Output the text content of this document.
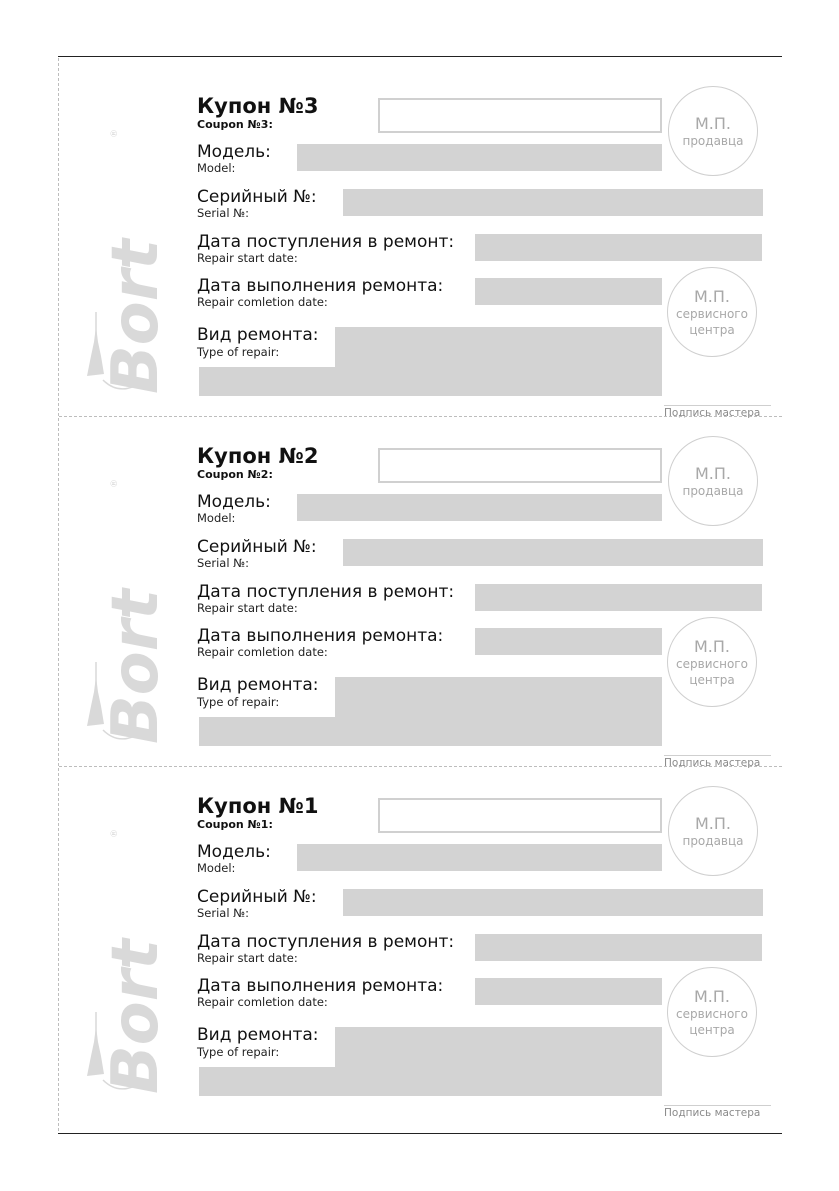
Bort
®
Купон №3
Coupon №3:
Модель:
Model:
Серийный №:
Serial №:
Дата поступления в ремонт:
Repair start date:
Дата выполнения ремонта:
Repair comletion date:
Вид ремонта:
Type of repair:
М.П.
продавца
М.П.
сервисного
центра
Подпись мастера
Bort
®
Купон №2
Coupon №2:
Модель:
Model:
Серийный №:
Serial №:
Дата поступления в ремонт:
Repair start date:
Дата выполнения ремонта:
Repair comletion date:
Вид ремонта:
Type of repair:
М.П.
продавца
М.П.
сервисного
центра
Подпись мастера
Bort
®
Купон №1
Coupon №1:
Модель:
Model:
Серийный №:
Serial №:
Дата поступления в ремонт:
Repair start date:
Дата выполнения ремонта:
Repair comletion date:
Вид ремонта:
Type of repair:
М.П.
продавца
М.П.
сервисного
центра
Подпись мастера
